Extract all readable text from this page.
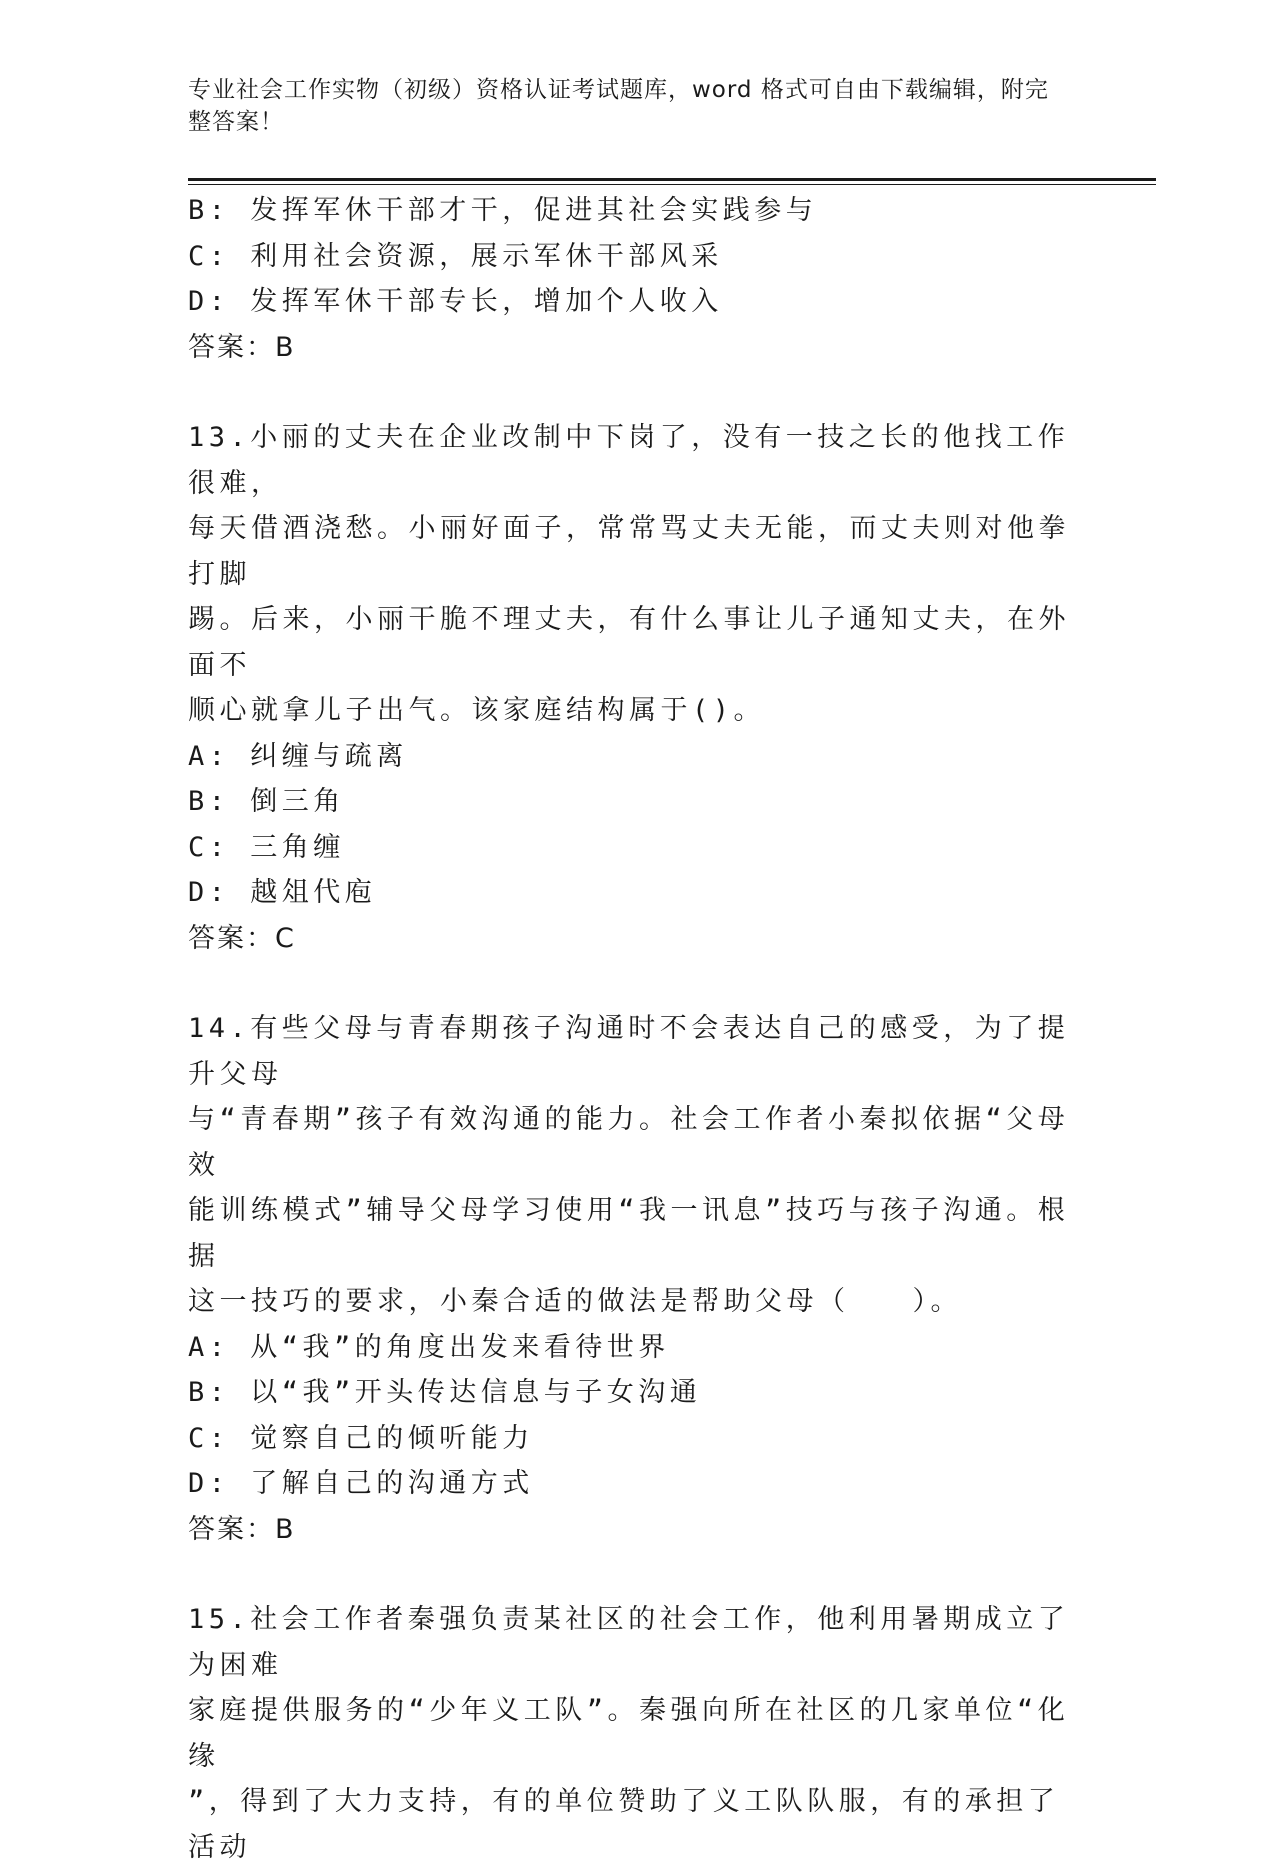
专业社会工作实物（初级）资格认证考试题库，word 格式可自由下载编辑，附完
整答案！
B: 发挥军休干部才干，促进其社会实践参与
C: 利用社会资源，展示军休干部风采
D: 发挥军休干部专长，增加个人收入
答案：B
13.小丽的丈夫在企业改制中下岗了，没有一技之长的他找工作很难，
每天借酒浇愁。小丽好面子，常常骂丈夫无能，而丈夫则对他拳打脚
踢。后来，小丽干脆不理丈夫，有什么事让儿子通知丈夫，在外面不
顺心就拿儿子出气。该家庭结构属于()。
A: 纠缠与疏离
B: 倒三角
C: 三角缠
D: 越俎代庖
答案：C
14.有些父母与青春期孩子沟通时不会表达自己的感受，为了提升父母
与“青春期”孩子有效沟通的能力。社会工作者小秦拟依据“父母效
能训练模式”辅导父母学习使用“我一讯息”技巧与孩子沟通。根据
这一技巧的要求，小秦合适的做法是帮助父母（　　）。
A: 从“我”的角度出发来看待世界
B: 以“我”开头传达信息与子女沟通
C: 觉察自己的倾听能力
D: 了解自己的沟通方式
答案：B
15.社会工作者秦强负责某社区的社会工作，他利用暑期成立了为困难
家庭提供服务的“少年义工队”。秦强向所在社区的几家单位“化缘
”，得到了大力支持，有的单位赞助了义工队队服，有的承担了活动
